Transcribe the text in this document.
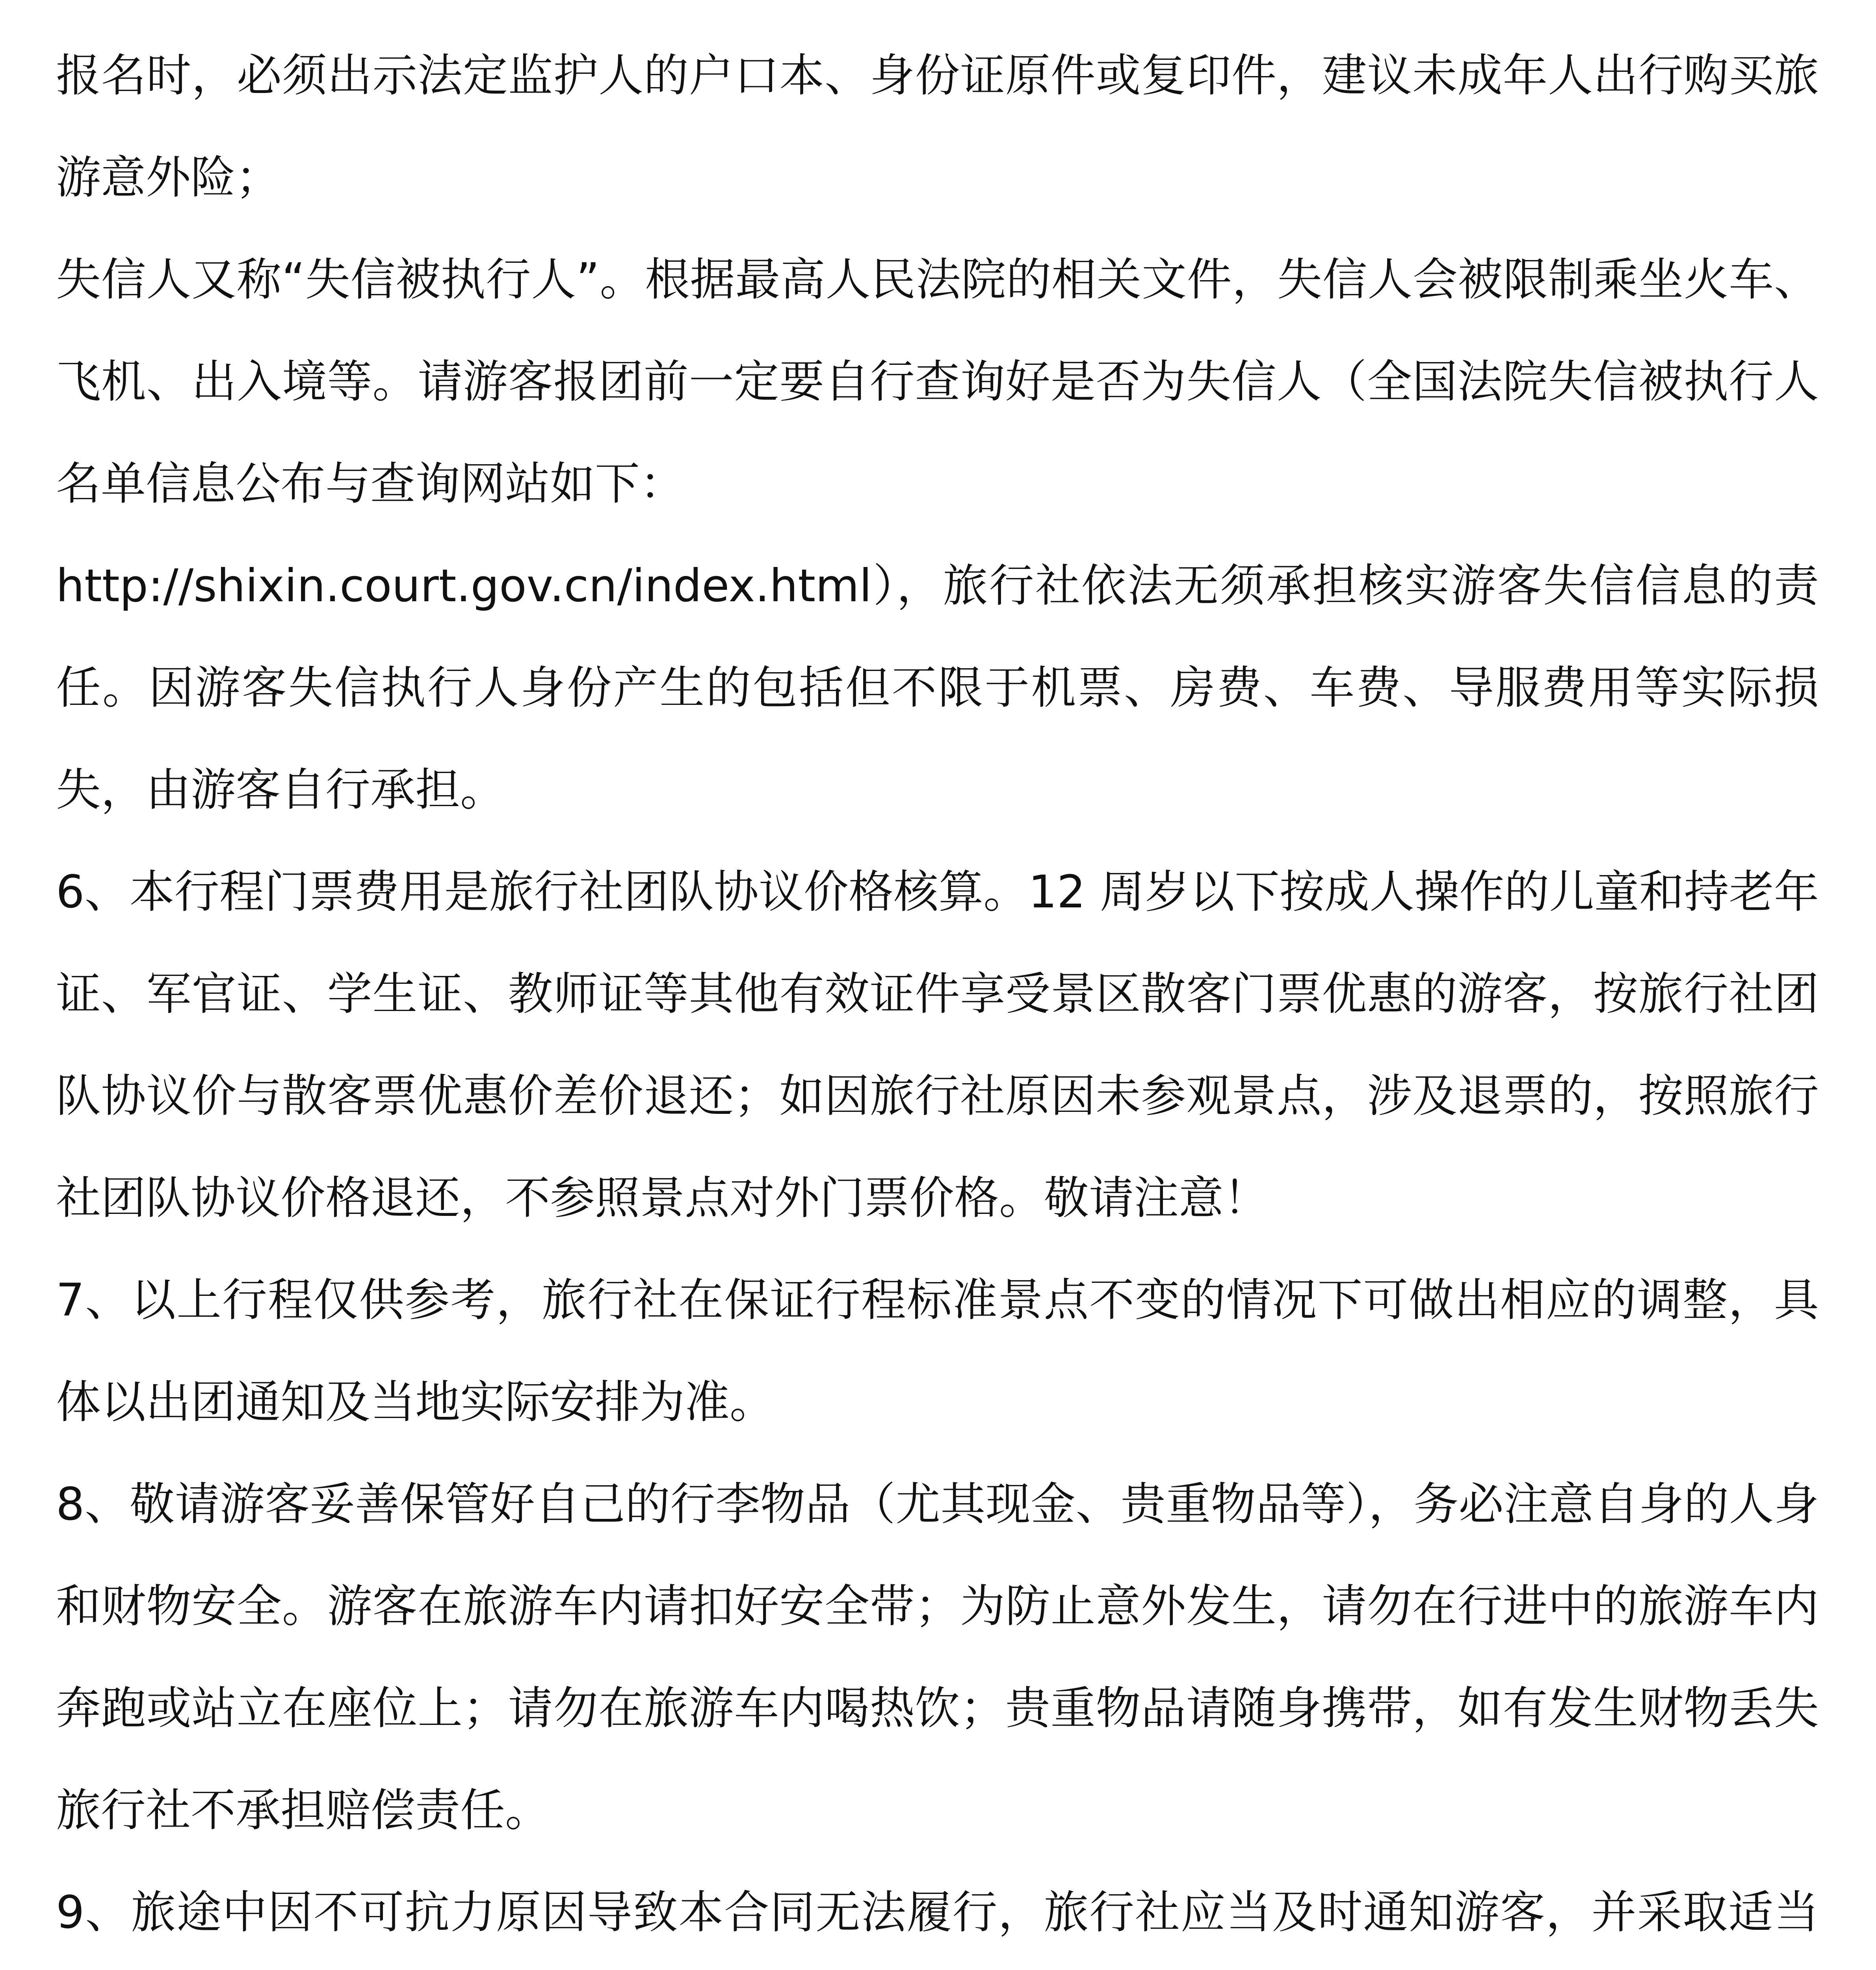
报名时，必须出示法定监护人的户口本、身份证原件或复印件，建议未成年人出行购买旅游意外险；

失信人又称“失信被执行人”。根据最高人民法院的相关文件，失信人会被限制乘坐火车、飞机、出入境等。请游客报团前一定要自行查询好是否为失信人（全国法院失信被执行人名单信息公布与查询网站如下：

http://shixin.court.gov.cn/index.html），旅行社依法无须承担核实游客失信信息的责任。因游客失信执行人身份产生的包括但不限于机票、房费、车费、导服费用等实际损失，由游客自行承担。

6、本行程门票费用是旅行社团队协议价格核算。12 周岁以下按成人操作的儿童和持老年证、军官证、学生证、教师证等其他有效证件享受景区散客门票优惠的游客，按旅行社团队协议价与散客票优惠价差价退还；如因旅行社原因未参观景点，涉及退票的，按照旅行社团队协议价格退还，不参照景点对外门票价格。敬请注意！

7、以上行程仅供参考，旅行社在保证行程标准景点不变的情况下可做出相应的调整，具体以出团通知及当地实际安排为准。

8、敬请游客妥善保管好自己的行李物品（尤其现金、贵重物品等），务必注意自身的人身和财物安全。游客在旅游车内请扣好安全带；为防止意外发生，请勿在行进中的旅游车内奔跑或站立在座位上；请勿在旅游车内喝热饮；贵重物品请随身携带，如有发生财物丢失旅行社不承担赔偿责任。

9、旅途中因不可抗力原因导致本合同无法履行，旅行社应当及时通知游客，并采取适当
